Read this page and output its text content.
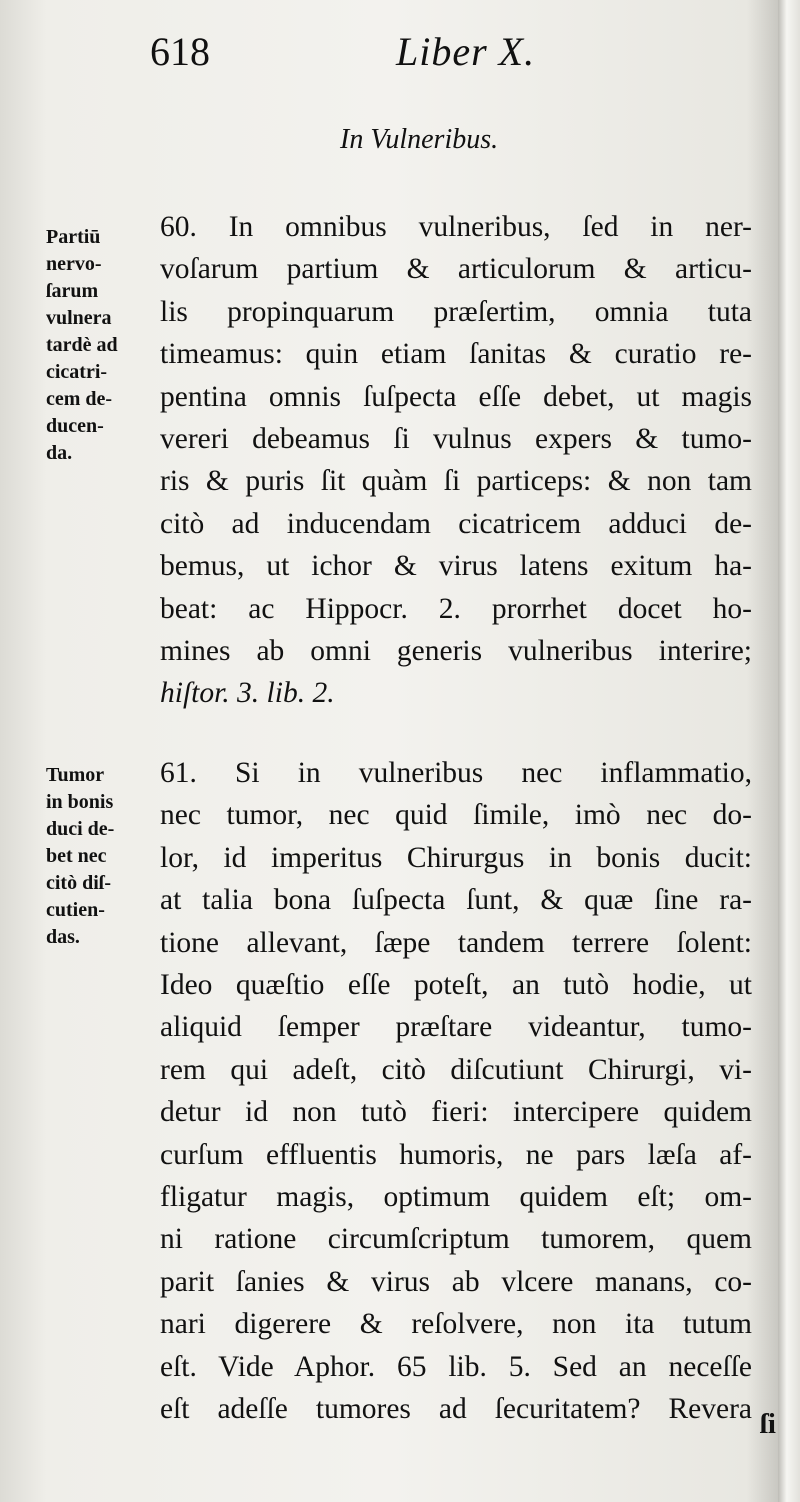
618	Liber X.
In Vulneribus.
60. In omnibus vulneribus, ſed in ner-
voſarum partium & articulorum & articu-
lis propinquarum præſertim, omnia tuta
timeamus: quin etiam ſanitas & curatio re-
pentina omnis ſuſpecta eſſe debet, ut magis
vereri debeamus ſi vulnus expers & tumo-
ris & puris ſit quàm ſi particeps: & non tam
citò ad inducendam cicatricem adduci de-
bemus, ut ichor & virus latens exitum ha-
beat: ac Hippocr. 2. prorrhet docet ho-
mines ab omni generis vulneribus interire;
hiſtor. 3. lib. 2.
Partiū
nervo-
ſarum
vulnera
tardè ad
cicatri-
cem de-
ducen-
da.
61. Si in vulneribus nec inflammatio,
nec tumor, nec quid ſimile, imò nec do-
lor, id imperitus Chirurgus in bonis ducit:
at talia bona ſuſpecta ſunt, & quæ ſine ra-
tione allevant, ſæpe tandem terrere ſolent:
Ideo quæſtio eſſe poteſt, an tutò hodie, ut
aliquid ſemper præſtare videantur, tumo-
rem qui adeſt, citò diſcutiunt Chirurgi, vi-
detur id non tutò fieri: intercipere quidem
curſum effluentis humoris, ne pars læſa af-
fligatur magis, optimum quidem eſt; om-
ni ratione circumſcriptum tumorem, quem
parit ſanies & virus ab vlcere manans, co-
nari digerere & reſolvere, non ita tutum
eſt. Vide Aphor. 65 lib. 5. Sed an neceſſe
eſt adeſſe tumores ad ſecuritatem? Revera
Tumor
in bonis
duci de-
bet nec
citò diſ-
cutien-
das.
ſi
